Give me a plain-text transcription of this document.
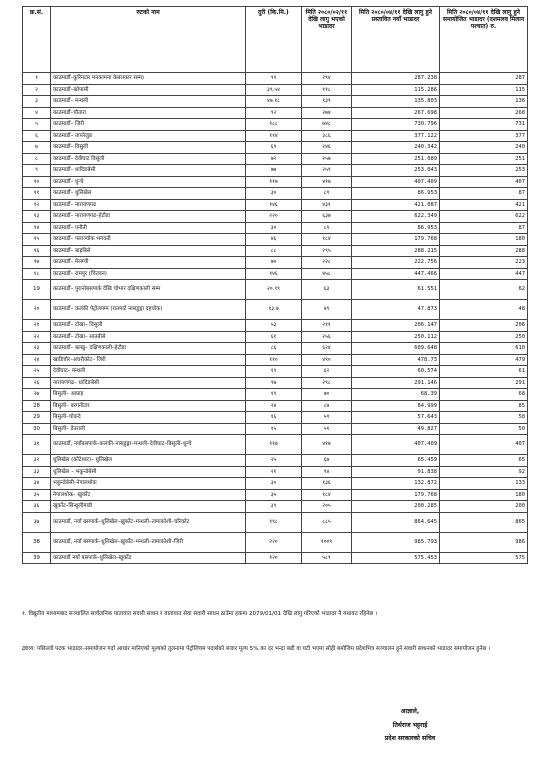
क्र.सं.	रुटको नाम	दुरी (कि.मि.)	मिति २०८०/०२/११ देखि लागु भएको भाडादर	मिति २०८०/०४/११ देखि लागु हुने प्रस्तावित नयाँ भाडादर	मिति २०८०/०४/११ देखि लागु हुने समायोजित भाडादर (दशमलव मिलान पश्चात) रु.
१	काठमाडौं–कुरिनटार मनकामना केबलकार सम्म)	९९	२९४	287.238	287
२	काठमाडौं–खोपासी	३९.५४	११८	115.286	115
३	काठमाडौं– मन्थली	४७.१८	१३९	135.803	136
४	काठमाडौं–चौतारा	९२	२७४	267.698	268
५	काठमाडौं– जिरी	१८८	७४८	730.796	731
६	काठमाडौं– ताप्लेजुङ	११४	३८६	377.122	377
७	काठमाडौं– विसुली	६९	२४६	240.342	240
८	काठमाडौं– देवीघाट विसुली	७२	२५७	251.089	251
९	काठमाडौं– धादिङबेसी	७७	२५९	253.043	253
१०	काठमाडौं– धुन्चे	११७	४१७	407.409	407
११	काठमाडौं– धुलिखेल	३०	८९	86.953	87
१२	काठमाडौं– नारायणगढ	१४६	४३१	421.087	421
१३	काठमाडौं– नारायणगढ–हेटौडा	२२०	६३७	622.349	622
१४	काठमाडौं– पनौती	३०	८९	86.953	87
१५	काठमाडौं– पलाञ्चोक भगवती	४६	१८४	179.768	180
१६	काठमाडौं– बाह्रबिसे	८८	२९५	288.215	288
१७	काठमाडौं– मेलम्ची	७०	२२८	222.756	223
१८	काठमाडौं– रामपुर (चितवन)	१४६	४५८	447.466	447
19	काठमाडौं– पुरानोबसपार्क देखि चोभार दक्षिणकाली सम्म	२०.९९	६३	61.551	62
२०	काठमाडौं– कलंकी पेट्रोलपम्प (रातमाटे नासडुङ्गा दहचोक)	१३.७	४९	47.873	48
२१	काठमाडौं– टोखा– विसुली	५३	२११	206.147	206
२२	काठमाडौं– टोखा– सातबीसे	६१	२५६	250.112	250
२३	काठमाडौं– बल्खु– दक्षिणकाली–हेटौडा	८६	६२४	609.648	610
२४	खाडिचौर–अचरौकोट– जिरी	११०	४९०	478.73	479
२५	देवीघाट– मन्थली	१९	६२	60.574	61
२६	नारायणगढ– धादिङबेसी	९७	२९८	291.146	291
२७	बिसुली– आप्राह	१९	७०	68.39	68
28	बिसुली– बरगनीटार	२४	८७	84.999	85
29	बिसुली–चोकदे	१६	५९	57.643	58
30	बिसुली– डेउराली	१५	५१	49.827	50
३१	काठमाडौं, नयाँबसपार्क–कलंकी–नासडुङ्गा–मन्थली–देवीघाट–बिसुली–धुन्चे	११७	४१७	407.409	407
३२	धुलिखेल (कोटेश्वर)– धुलिखेल	२५	६७	65.459	65
३३	धुलिखेल – भकुन्डेबेसी	२१	९४	91.838	92
३४	भकुन्डेबेसी–नेपालथोक	३०	१३६	132.872	133
३५	नेपालथोक– खुर्कोट	३५	१८४	179.768	180
३६	खुर्कोट–सिन्धुलीमाडी	३९	२०५	200.285	200
३७	काठमाडौं, नयाँ बसपार्क–धुलिखेल–खुर्कोट–मन्थली–तामाकोशी–चरिकोट	१९८	८८५	864.645	865
38	काठमाडौं, नयाँ बसपार्क–धुलिखेल–खुर्कोट–मन्थली–तामाकोशी–जिरी	२२०	१००९	985.793	986
39	काठमाडौं नयाँ बसपार्क–धुलिखेल–खुर्कोट	१२०	५८९	575.453	575
१. विद्युतीय माध्यमबाट सञ्चालित सार्वजनिक यातायात सवारी साधन र यातायात सेवा सवारी साधन ठाउँमा हकमा 2079/01/01 देखि लागु गरिएको भाडादर नै यथावत रहिनेछ ।
द्रष्टव्य: पछिल्लो पटक भाडादर–समायोजन गर्दा आधार मानिएको मूल्यको तुलनामा पेट्रोलियम पदार्थको बजार मूल्य 5% का दर भन्दा बढी वा घटी भएमा सोही बमोजिम प्रदेशभित्र सञ्चालन हुने सवारी साधनको भाडादर समायोजन हुनेछ ।
आज्ञाले,
तिर्थराज भट्टराई
प्रदेश सरकारको सचिव
